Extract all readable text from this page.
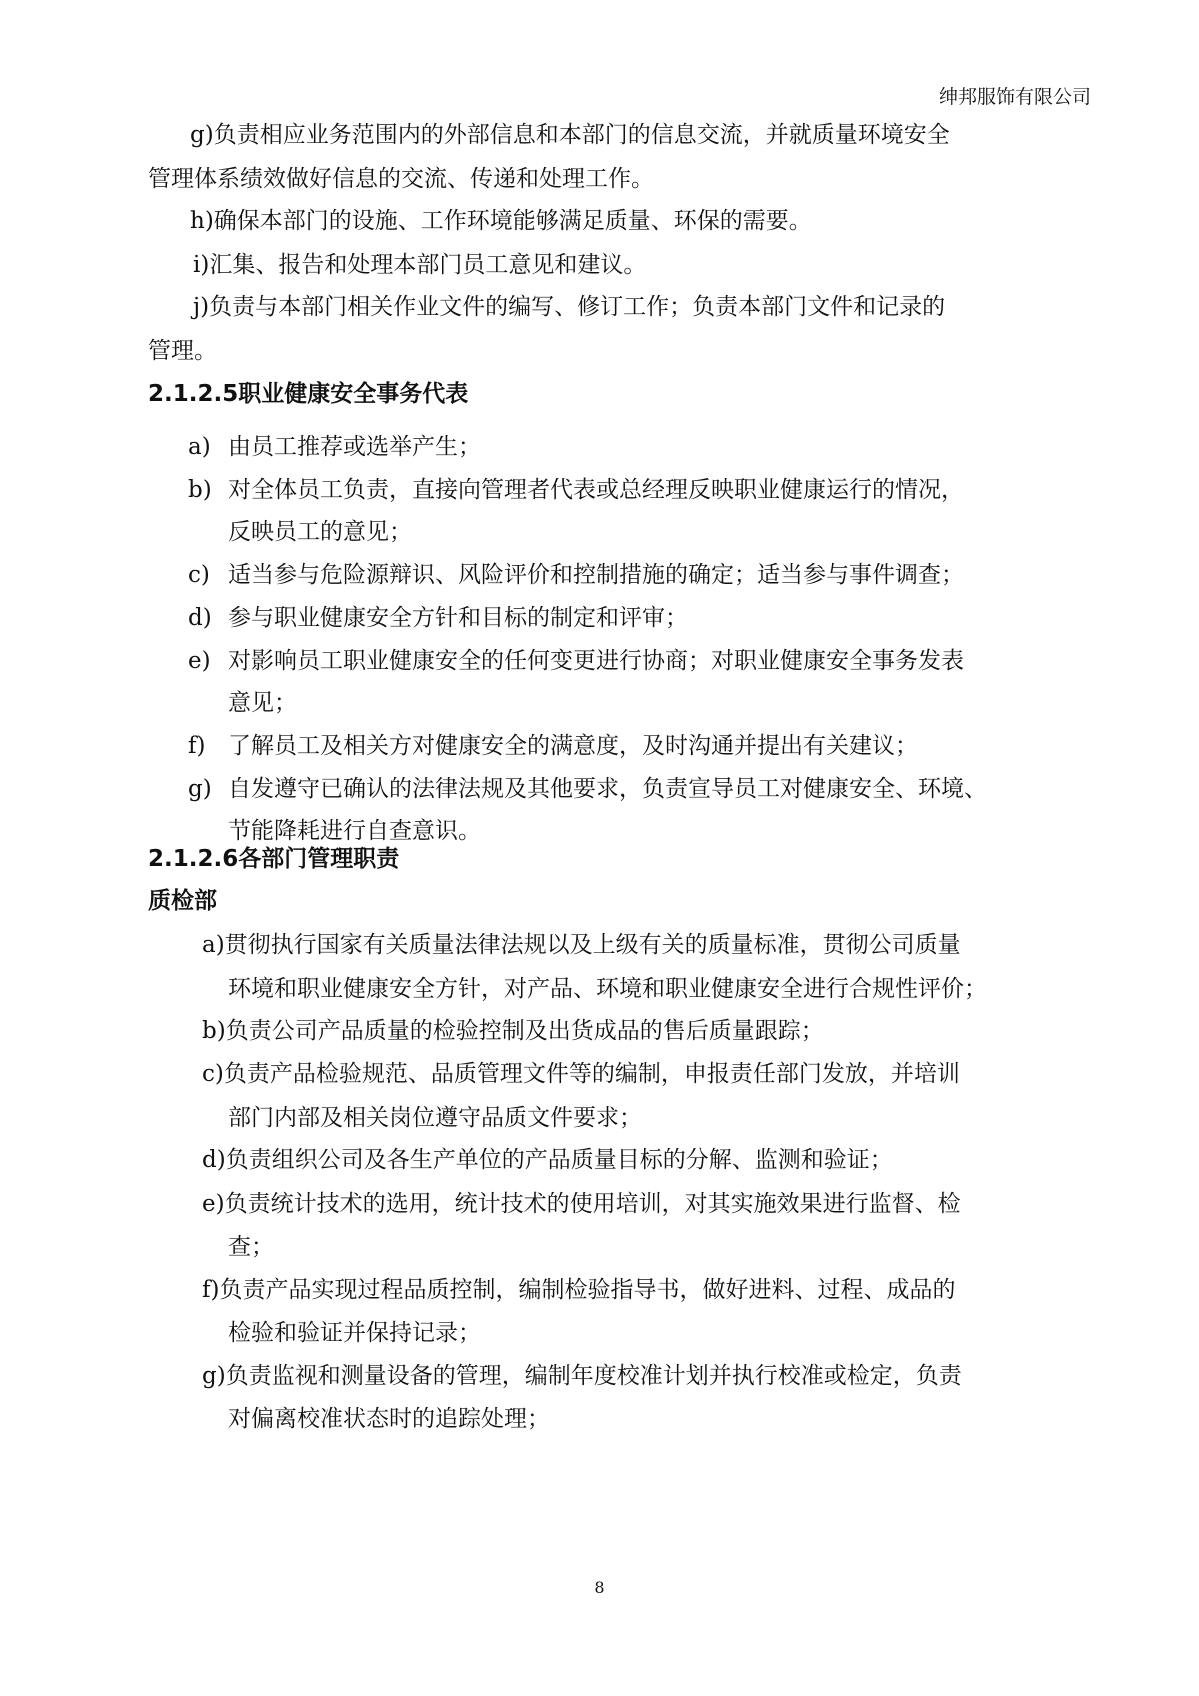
绅邦服饰有限公司
g)负责相应业务范围内的外部信息和本部门的信息交流，并就质量环境安全
管理体系绩效做好信息的交流、传递和处理工作。
h)确保本部门的设施、工作环境能够满足质量、环保的需要。
i)汇集、报告和处理本部门员工意见和建议。
j)负责与本部门相关作业文件的编写、修订工作；负责本部门文件和记录的
管理。
2.1.2.5职业健康安全事务代表
a) 由员工推荐或选举产生；
b) 对全体员工负责，直接向管理者代表或总经理反映职业健康运行的情况，
反映员工的意见；
c) 适当参与危险源辩识、风险评价和控制措施的确定；适当参与事件调查；
d) 参与职业健康安全方针和目标的制定和评审；
e) 对影响员工职业健康安全的任何变更进行协商；对职业健康安全事务发表
意见；
f) 了解员工及相关方对健康安全的满意度，及时沟通并提出有关建议；
g) 自发遵守已确认的法律法规及其他要求，负责宣导员工对健康安全、环境、
节能降耗进行自查意识。
2.1.2.6各部门管理职责
质检部
a)贯彻执行国家有关质量法律法规以及上级有关的质量标准，贯彻公司质量
环境和职业健康安全方针，对产品、环境和职业健康安全进行合规性评价；
b)负责公司产品质量的检验控制及出货成品的售后质量跟踪；
c)负责产品检验规范、品质管理文件等的编制，申报责任部门发放，并培训
部门内部及相关岗位遵守品质文件要求；
d)负责组织公司及各生产单位的产品质量目标的分解、监测和验证；
e)负责统计技术的选用，统计技术的使用培训，对其实施效果进行监督、检
查；
f)负责产品实现过程品质控制，编制检验指导书，做好进料、过程、成品的
检验和验证并保持记录；
g)负责监视和测量设备的管理，编制年度校准计划并执行校准或检定，负责
对偏离校准状态时的追踪处理；
8
